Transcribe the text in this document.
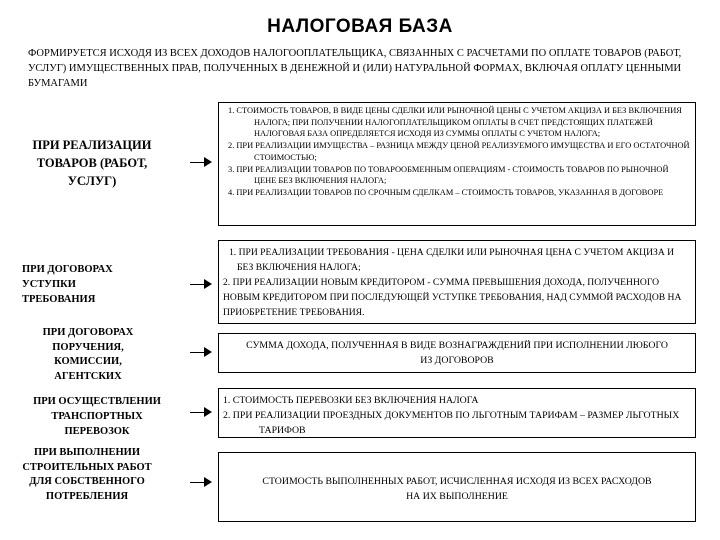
НАЛОГОВАЯ БАЗА
ФОРМИРУЕТСЯ ИСХОДЯ ИЗ ВСЕХ ДОХОДОВ НАЛОГООПЛАТЕЛЬЩИКА, СВЯЗАННЫХ С РАСЧЕТАМИ ПО ОПЛАТЕ ТОВАРОВ (РАБОТ, УСЛУГ) ИМУЩЕСТВЕННЫХ ПРАВ, ПОЛУЧЕННЫХ В ДЕНЕЖНОЙ И (ИЛИ) НАТУРАЛЬНОЙ ФОРМАХ, ВКЛЮЧАЯ ОПЛАТУ ЦЕННЫМИ БУМАГАМИ
ПРИ РЕАЛИЗАЦИИ ТОВАРОВ (РАБОТ, УСЛУГ)
1. СТОИМОСТЬ ТОВАРОВ, В ВИДЕ ЦЕНЫ СДЕЛКИ ИЛИ РЫНОЧНОЙ ЦЕНЫ С УЧЕТОМ АКЦИЗА И БЕЗ ВКЛЮЧЕНИЯ НАЛОГА; ПРИ ПОЛУЧЕНИИ НАЛОГОПЛАТЕЛЬЩИКОМ ОПЛАТЫ В СЧЕТ ПРЕДСТОЯЩИХ ПЛАТЕЖЕЙ НАЛОГОВАЯ БАЗА ОПРЕДЕЛЯЕТСЯ ИСХОДЯ ИЗ СУММЫ ОПЛАТЫ С УЧЕТОМ НАЛОГА;
2. ПРИ РЕАЛИЗАЦИИ ИМУЩЕСТВА – РАЗНИЦА МЕЖДУ ЦЕНОЙ РЕАЛИЗУЕМОГО ИМУЩЕСТВА И ЕГО ОСТАТОЧНОЙ СТОИМОСТЬЮ;
3. ПРИ РЕАЛИЗАЦИИ ТОВАРОВ ПО ТОВАРООБМЕННЫМ ОПЕРАЦИЯМ - СТОИМОСТЬ ТОВАРОВ ПО РЫНОЧНОЙ ЦЕНЕ БЕЗ ВКЛЮЧЕНИЯ НАЛОГА;
4. ПРИ РЕАЛИЗАЦИИ ТОВАРОВ ПО СРОЧНЫМ СДЕЛКАМ – СТОИМОСТЬ ТОВАРОВ, УКАЗАННАЯ В ДОГОВОРЕ
ПРИ ДОГОВОРАХ УСТУПКИ ТРЕБОВАНИЯ
1. ПРИ РЕАЛИЗАЦИИ ТРЕБОВАНИЯ - ЦЕНА СДЕЛКИ ИЛИ РЫНОЧНАЯ ЦЕНА С УЧЕТОМ АКЦИЗА И БЕЗ ВКЛЮЧЕНИЯ НАЛОГА;
2. ПРИ РЕАЛИЗАЦИИ НОВЫМ КРЕДИТОРОМ - СУММА ПРЕВЫШЕНИЯ ДОХОДА, ПОЛУЧЕННОГО НОВЫМ КРЕДИТОРОМ ПРИ ПОСЛЕДУЮЩЕЙ УСТУПКЕ ТРЕБОВАНИЯ, НАД СУММОЙ РАСХОДОВ НА ПРИОБРЕТЕНИЕ ТРЕБОВАНИЯ.
ПРИ ДОГОВОРАХ ПОРУЧЕНИЯ, КОМИССИИ, АГЕНТСКИХ
СУММА ДОХОДА, ПОЛУЧЕННАЯ В ВИДЕ ВОЗНАГРАЖДЕНИЙ ПРИ ИСПОЛНЕНИИ ЛЮБОГО ИЗ ДОГОВОРОВ
ПРИ ОСУЩЕСТВЛЕНИИ ТРАНСПОРТНЫХ ПЕРЕВОЗОК
1. СТОИМОСТЬ ПЕРЕВОЗКИ БЕЗ ВКЛЮЧЕНИЯ НАЛОГА
2. ПРИ РЕАЛИЗАЦИИ ПРОЕЗДНЫХ ДОКУМЕНТОВ ПО ЛЬГОТНЫМ ТАРИФАМ – РАЗМЕР ЛЬГОТНЫХ ТАРИФОВ
ПРИ ВЫПОЛНЕНИИ СТРОИТЕЛЬНЫХ РАБОТ ДЛЯ СОБСТВЕННОГО ПОТРЕБЛЕНИЯ
СТОИМОСТЬ ВЫПОЛНЕННЫХ РАБОТ, ИСЧИСЛЕННАЯ ИСХОДЯ ИЗ ВСЕХ РАСХОДОВ НА ИХ ВЫПОЛНЕНИЕ
